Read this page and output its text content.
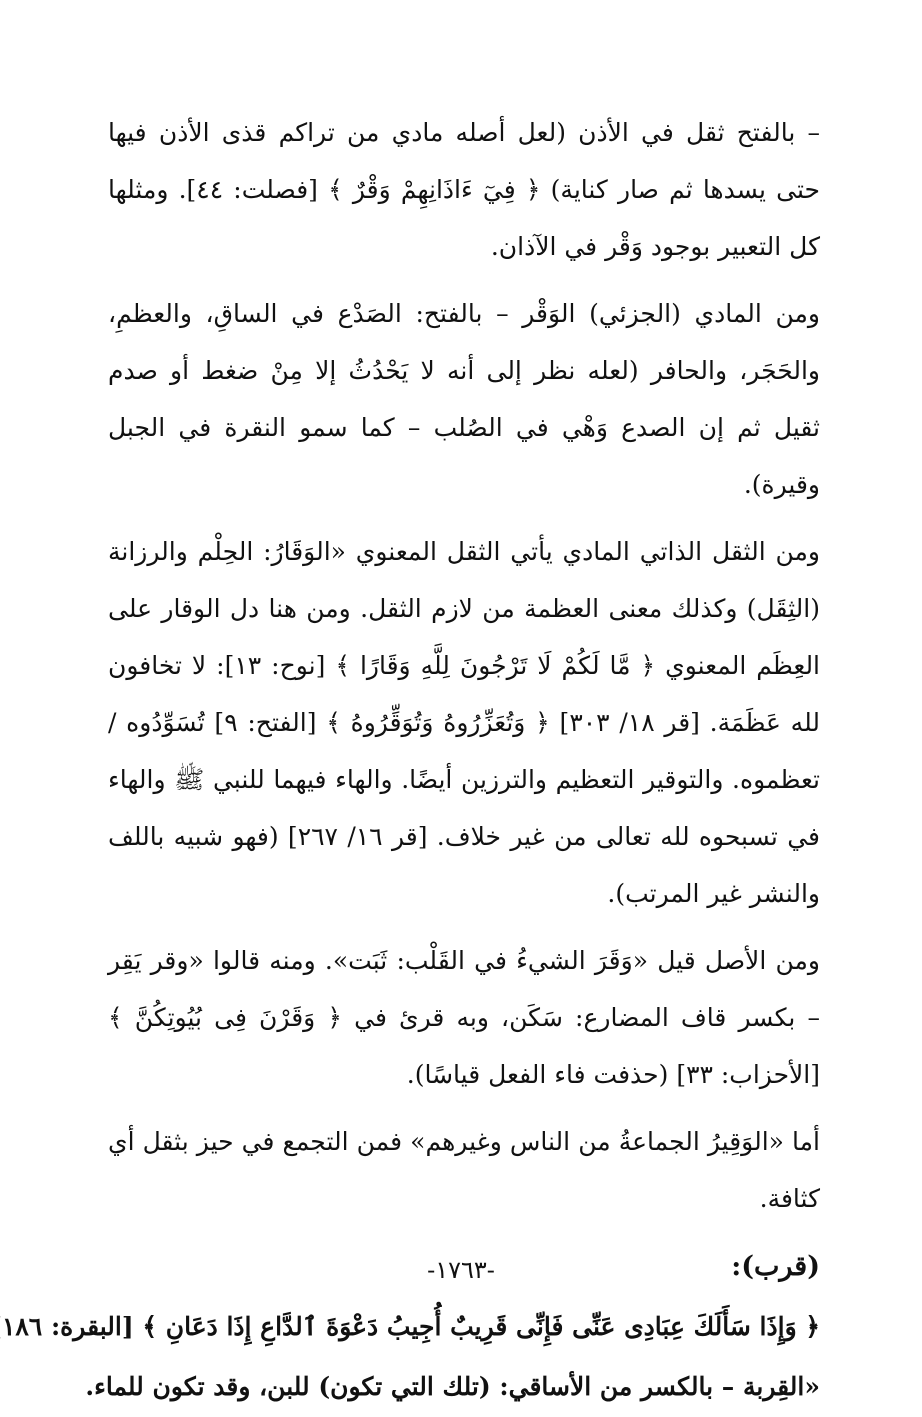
– بالفتح ثقل في الأذن (لعل أصله مادي من تراكم قذى الأذن فيها حتى يسدها ثم صار كناية) ﴿ فِيٓ ءَاذَانِهِمْ وَقْرٌ ﴾ [فصلت: ٤٤]. ومثلها كل التعبير بوجود وَقْر في الآذان.

ومن المادي (الجزئي) الوَقْر – بالفتح: الصَدْع في الساقِ، والعظمِ، والحَجَر، والحافر (لعله نظر إلى أنه لا يَحْدُثُ إلا مِنْ ضغط أو صدم ثقيل ثم إن الصدع وَهْي في الصُلب – كما سمو النقرة في الجبل وقيرة).

ومن الثقل الذاتي المادي يأتي الثقل المعنوي «الوَقَارُ: الحِلْم والرزانة (الثِقَل) وكذلك معنى العظمة من لازم الثقل. ومن هنا دل الوقار على العِظَم المعنوي ﴿ مَّا لَكُمْ لَا تَرْجُونَ لِلَّهِ وَقَارًا ﴾ [نوح: ١٣]: لا تخافون لله عَظَمَة. [قر ١٨/ ٣٠٣] ﴿ وَتُعَزِّرُوهُ وَتُوَقِّرُوهُ ﴾ [الفتح: ٩] تُسَوِّدُوه / تعظموه. والتوقير التعظيم والترزين أيضًا. والهاء فيهما للنبي ﷺ والهاء في تسبحوه لله تعالى من غير خلاف. [قر ١٦/ ٢٦٧] (فهو شبيه باللف والنشر غير المرتب).

ومن الأصل قيل «وَقَرَ الشيءُ في القَلْب: ثَبَت». ومنه قالوا «وقر يَقِر – بكسر قاف المضارع: سَكَن، وبه قرئ في ﴿ وَقَرْنَ فِى بُيُوتِكُنَّ ﴾ [الأحزاب: ٣٣] (حذفت فاء الفعل قياسًا).

أما «الوَقِيرُ الجماعةُ من الناس وغيرهم» فمن التجمع في حيز بثقل أي كثافة.

(قرب):
﴿ وَإِذَا سَأَلَكَ عِبَادِى عَنِّى فَإِنِّى قَرِيبٌ أُجِيبُ دَعْوَةَ ٱلدَّاعِ إِذَا دَعَانِ ﴾ [البقرة: ١٨٦
«القِربة – بالكسر من الأساقي: (تلك التي تكون) للبن، وقد تكون للماء.
-١٧٦٣-
